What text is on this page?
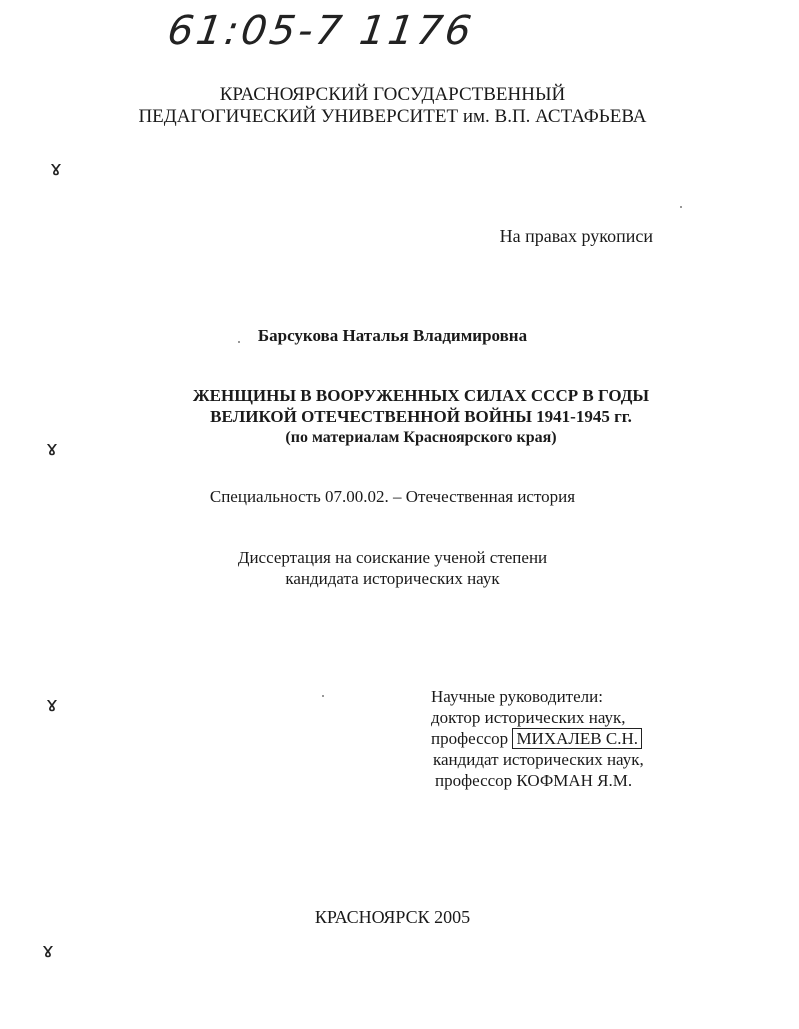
61:05-7 1176
КРАСНОЯРСКИЙ ГОСУДАРСТВЕННЫЙ
ПЕДАГОГИЧЕСКИЙ УНИВЕРСИТЕТ им. В.П. АСТАФЬЕВА
На правах рукописи
Барсукова Наталья Владимировна
ЖЕНЩИНЫ В ВООРУЖЕННЫХ СИЛАХ СССР В ГОДЫ
ВЕЛИКОЙ ОТЕЧЕСТВЕННОЙ ВОЙНЫ 1941-1945 гг.
(по материалам Красноярского края)
Специальность 07.00.02. – Отечественная история
Диссертация на соискание ученой степени
кандидата исторических наук
Научные руководители:
доктор исторических наук,
профессор МИХАЛЕВ С.Н.
кандидат исторических наук,
профессор КОФМАН Я.М.
КРАСНОЯРСК 2005
ɤ
ɤ
ɤ
ɤ
